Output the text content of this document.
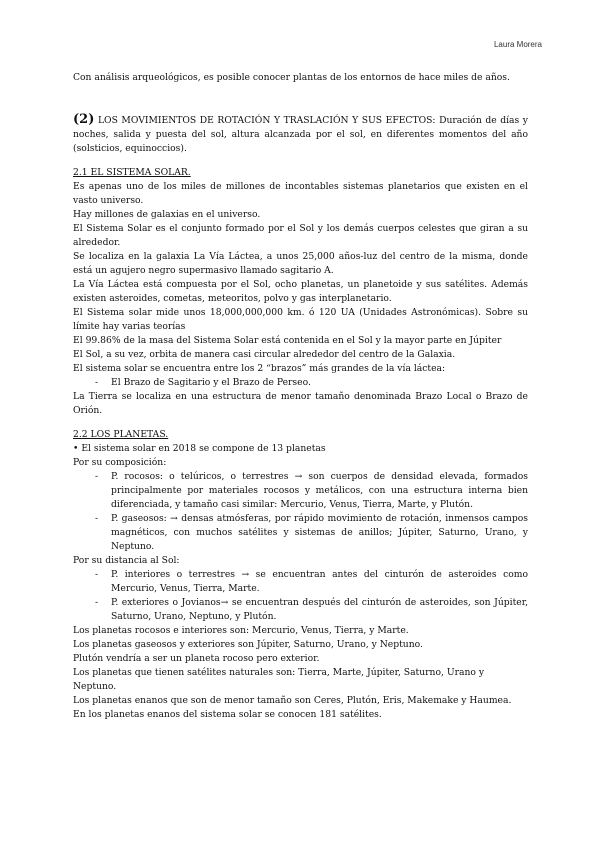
Laura Morera

Con análisis arqueológicos, es posible conocer plantas de los entornos de hace miles de años.

(2) LOS MOVIMIENTOS DE ROTACIÓN Y TRASLACIÓN Y SUS EFECTOS: Duración de días y noches, salida y puesta del sol, altura alcanzada por el sol, en diferentes momentos del año (solsticios, equinoccios).

2.1 EL SISTEMA SOLAR.

Es apenas uno de los miles de millones de incontables sistemas planetarios que existen en el vasto universo.

Hay millones de galaxias en el universo.

El Sistema Solar es el conjunto formado por el Sol y los demás cuerpos celestes que giran a su alrededor.

Se localiza en la galaxia La Vía Láctea, a unos 25,000 años-luz del centro de la misma, donde está un agujero negro supermasivo llamado sagitario A.

La Vía Láctea está compuesta por el Sol, ocho planetas, un planetoide y sus satélites. Además existen asteroides, cometas, meteoritos, polvo y gas interplanetario.

El Sistema solar mide unos 18,000,000,000 km. ó 120 UA (Unidades Astronómicas). Sobre su límite hay varias teorías

El 99.86% de la masa del Sistema Solar está contenida en el Sol y la mayor parte en Júpiter

El Sol, a su vez, orbita de manera casi circular alrededor del centro de la Galaxia.

El sistema solar se encuentra entre los 2 “brazos” más grandes de la vía láctea:

- El Brazo de Sagitario y el Brazo de Perseo.

La Tierra se localiza en una estructura de menor tamaño denominada Brazo Local o Brazo de Orión.

2.2 LOS PLANETAS.

• El sistema solar en 2018 se compone de 13 planetas

Por su composición:

- P. rocosos: o telúricos, o terrestres → son cuerpos de densidad elevada, formados principalmente por materiales rocosos y metálicos, con una estructura interna bien diferenciada, y tamaño casi similar: Mercurio, Venus, Tierra, Marte, y Plutón.
- P. gaseosos: → densas atmósferas, por rápido movimiento de rotación, inmensos campos magnéticos, con muchos satélites y sistemas de anillos; Júpiter, Saturno, Urano, y Neptuno.

Por su distancia al Sol:

- P. interiores o terrestres → se encuentran antes del cinturón de asteroides como Mercurio, Venus, Tierra, Marte.
- P. exteriores o Jovianos→ se encuentran después del cinturón de asteroides, son Júpiter, Saturno, Urano, Neptuno, y Plutón.

Los planetas rocosos e interiores son: Mercurio, Venus, Tierra, y Marte.

Los planetas gaseosos y exteriores son Júpiter, Saturno, Urano, y Neptuno.

Plutón vendría a ser un planeta rocoso pero exterior.

Los planetas que tienen satélites naturales son: Tierra, Marte, Júpiter, Saturno, Urano y Neptuno.

Los planetas enanos que son de menor tamaño son Ceres, Plutón, Eris, Makemake y Haumea.

En los planetas enanos del sistema solar se conocen 181 satélites.
